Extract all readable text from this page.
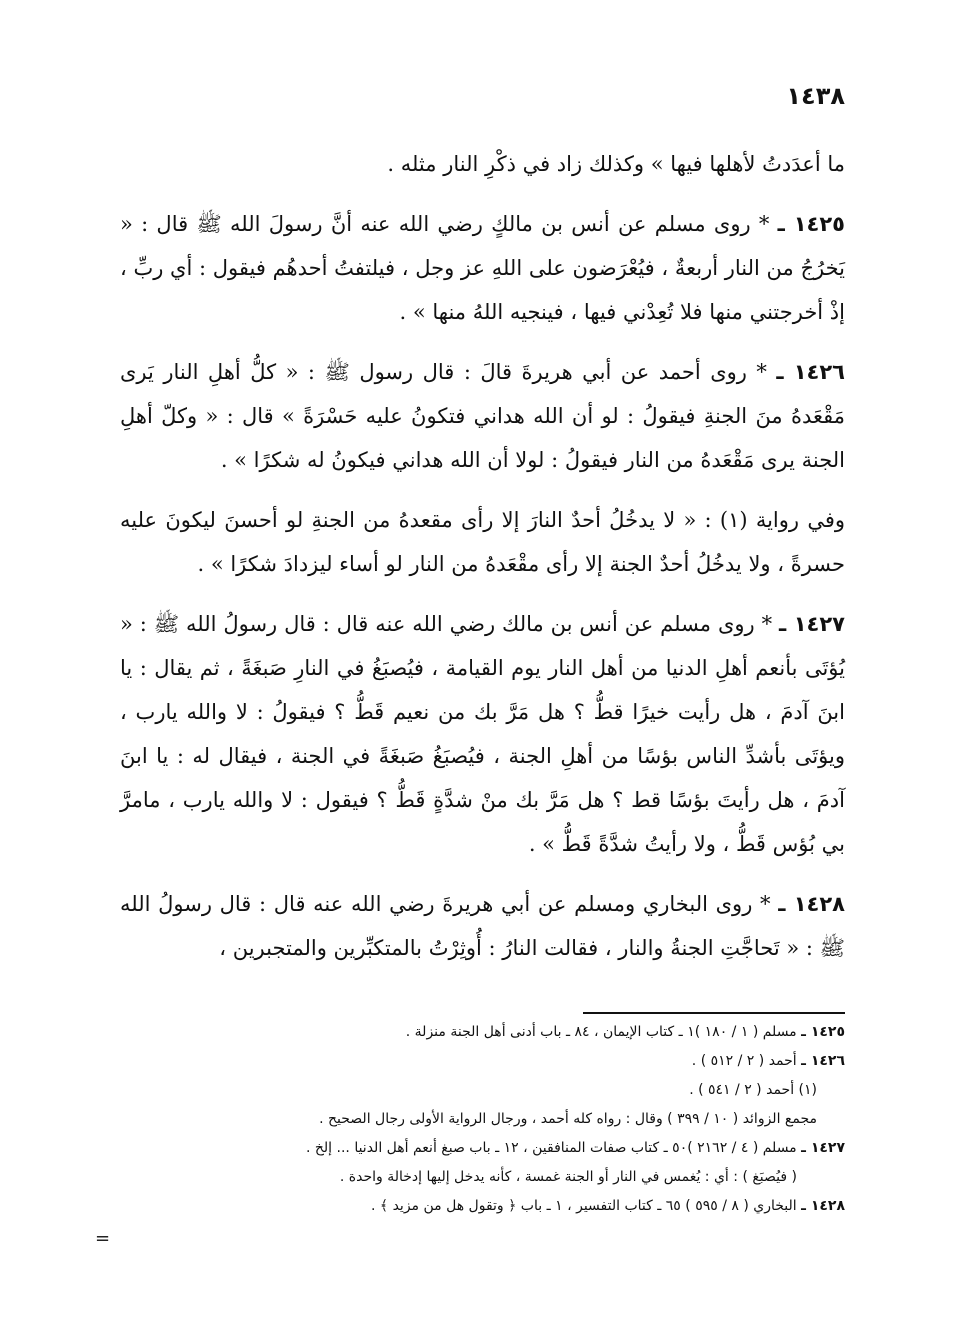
١٤٣٨

ما أعدَدتُ لأهلها فيها » وكذلك زاد في ذكْرِ النار مثله .

١٤٢٥ ـ * روى مسلم عن أنس بن مالكٍ رضي الله عنه أنَّ رسولَ الله ﷺ قال : « يَخرُجُ من النار أربعةٌ ، فيُعْرَضون على اللهِ عز وجل ، فيلتفتُ أحدهُم فيقول : أي ربِّ ، إذْ أخرجتني منها فلا تُعِدْني فيها ، فينجيه اللهُ منها » .

١٤٢٦ ـ * روى أحمد عن أبي هريرةَ قالَ : قال رسول ﷺ : « كلُّ أهلِ النار يَرى مَقْعَدهُ منَ الجنةِ فيقولُ : لو أن الله هداني فتكونُ عليه حَسْرَةً » قال : « وكلّ أهلِ الجنة يرى مَقْعَدهُ من النار فيقولُ : لولا أن الله هداني فيكونُ له شكرًا » .

وفي رواية (١) : « لا يدخُلُ أحدٌ النارَ إلا رأى مقعدهُ من الجنةِ لو أحسنَ ليكونَ عليه حسرةً ، ولا يدخُلُ أحدٌ الجنة إلا رأى مقْعَدهُ من النار لو أساء ليزدادَ شكرًا » .

١٤٢٧ ـ * روى مسلم عن أنس بن مالك رضي الله عنه قال : قال رسولُ الله ﷺ : « يُؤتَى بأنعم أهلِ الدنيا من أهل النار يوم القيامة ، فيُصبَغُ في النارِ صَبغَةً ، ثم يقال : يا ابنَ آدمَ ، هل رأيت خيرًا قطُّ ؟ هل مَرَّ بك من نعيم قَطُّ ؟ فيقولُ : لا والله يارب ، ويؤتَى بأشدِّ الناس بؤسًا من أهلِ الجنة ، فيُصبَغُ صَبغَةً في الجنة ، فيقال له : يا ابنَ آدمَ ، هل رأيتَ بؤسًا قط ؟ هل مَرَّ بك منْ شدَّةٍ قَطُّ ؟ فيقول : لا والله يارب ، مامرَّ بي بُؤس قَطُّ ، ولا رأيتُ شدَّةً قَطُّ » .

١٤٢٨ ـ * روى البخاري ومسلم عن أبي هريرةَ رضي الله عنه قال : قال رسولُ الله ﷺ : « تَحاجَّتِ الجنةُ والنار ، فقالت النارُ : أُوثِرْتُ بالمتكبِّرين والمتجبرين ،

١٤٢٥ ـ مسلم ( ١ / ١٨٠ )١ ـ كتاب الإيمان ، ٨٤ ـ باب أدنى أهل الجنة منزلة .

١٤٢٦ ـ أحمد ( ٢ / ٥١٢ ) .

(١) أحمد ( ٢ / ٥٤١ ) .

مجمع الزوائد ( ١٠ / ٣٩٩ ) وقال : رواه كله أحمد ، ورجال الرواية الأولى رجال الصحيح .

١٤٢٧ ـ مسلم ( ٤ / ٢١٦٢ )٥٠ ـ كتاب صفات المنافقين ، ١٢ ـ باب صبغ أنعم أهل الدنيا ... إلخ .

( فيُصبَغ ) : أي : يُغمس في النار أو الجنة غمسة ، كأنه يدخل إليها إدخالة واحدة .

١٤٢٨ ـ البخاري ( ٨ / ٥٩٥ ) ٦٥ ـ كتاب التفسير ، ١ ـ باب ﴿ وتقول هل من مزيد ﴾ .

=
